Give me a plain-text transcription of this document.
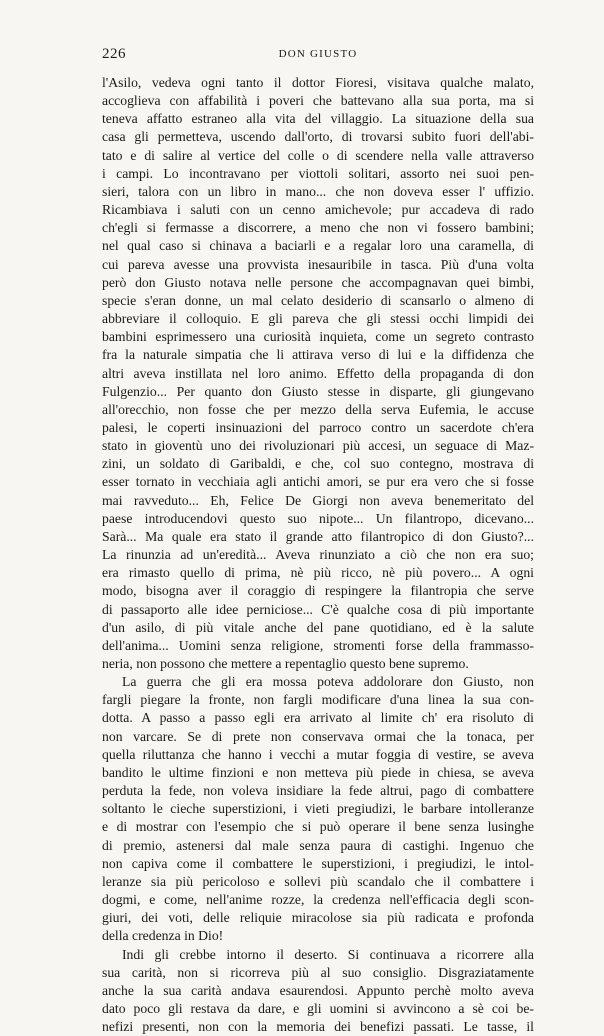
226	DON GIUSTO
l'Asilo, vedeva ogni tanto il dottor Fioresi, visitava qualche malato,
accoglieva con affabilità i poveri che battevano alla sua porta, ma si
teneva affatto estraneo alla vita del villaggio. La situazione della sua
casa gli permetteva, uscendo dall'orto, di trovarsi subito fuori dell'abi-
tato e di salire al vertice del colle o di scendere nella valle attraverso
i campi. Lo incontravano per viottoli solitari, assorto nei suoi pen-
sieri, talora con un libro in mano... che non doveva esser l' uffizio.
Ricambiava i saluti con un cenno amichevole; pur accadeva di rado
ch'egli si fermasse a discorrere, a meno che non vi fossero bambini;
nel qual caso si chinava a baciarli e a regalar loro una caramella, di
cui pareva avesse una provvista inesauribile in tasca. Più d'una volta
però don Giusto notava nelle persone che accompagnavan quei bimbi,
specie s'eran donne, un mal celato desiderio di scansarlo o almeno di
abbreviare il colloquio. E gli pareva che gli stessi occhi limpidi dei
bambini esprimessero una curiosità inquieta, come un segreto contrasto
fra la naturale simpatia che li attirava verso di lui e la diffidenza che
altri aveva instillata nel loro animo. Effetto della propaganda di don
Fulgenzio... Per quanto don Giusto stesse in disparte, gli giungevano
all'orecchio, non fosse che per mezzo della serva Eufemia, le accuse
palesi, le coperti insinuazioni del parroco contro un sacerdote ch'era
stato in gioventù uno dei rivoluzionari più accesi, un seguace di Maz-
zini, un soldato di Garibaldi, e che, col suo contegno, mostrava di
esser tornato in vecchiaia agli antichi amori, se pur era vero che si fosse
mai ravveduto... Eh, Felice De Giorgi non aveva benemeritato del
paese introducendovi questo suo nipote... Un filantropo, dicevano...
Sarà... Ma quale era stato il grande atto filantropico di don Giusto?...
La rinunzia ad un'eredità... Aveva rinunziato a ciò che non era suo;
era rimasto quello di prima, nè più ricco, nè più povero... A ogni
modo, bisogna aver il coraggio di respingere la filantropia che serve
di passaporto alle idee perniciose... C'è qualche cosa di più importante
d'un asilo, di più vitale anche del pane quotidiano, ed è la salute
dell'anima... Uomini senza religione, stromenti forse della frammasso-
neria, non possono che mettere a repentaglio questo bene supremo.
La guerra che gli era mossa poteva addolorare don Giusto, non
fargli piegare la fronte, non fargli modificare d'una linea la sua con-
dotta. A passo a passo egli era arrivato al limite ch' era risoluto di
non varcare. Se di prete non conservava ormai che la tonaca, per
quella riluttanza che hanno i vecchi a mutar foggia di vestire, se aveva
bandito le ultime finzioni e non metteva più piede in chiesa, se aveva
perduta la fede, non voleva insidiare la fede altrui, pago di combattere
soltanto le cieche superstizioni, i vieti pregiudizi, le barbare intolleranze
e di mostrar con l'esempio che si può operare il bene senza lusinghe
di premio, astenersi dal male senza paura di castighi. Ingenuo che
non capiva come il combattere le superstizioni, i pregiudizi, le intol-
leranze sia più pericoloso e sollevi più scandalo che il combattere i
dogmi, e come, nell'anime rozze, la credenza nell'efficacia degli scon-
giuri, dei voti, delle reliquie miracolose sia più radicata e profonda
della credenza in Dio!
Indi gli crebbe intorno il deserto. Si continuava a ricorrere alla
sua carità, non si ricorreva più al suo consiglio. Disgraziatamente
anche la sua carità andava esaurendosi. Appunto perchè molto aveva
dato poco gli restava da dare, e gli uomini si avvincono a sè coi be-
nefizi presenti, non con la memoria dei benefizi passati. Le tasse, il
